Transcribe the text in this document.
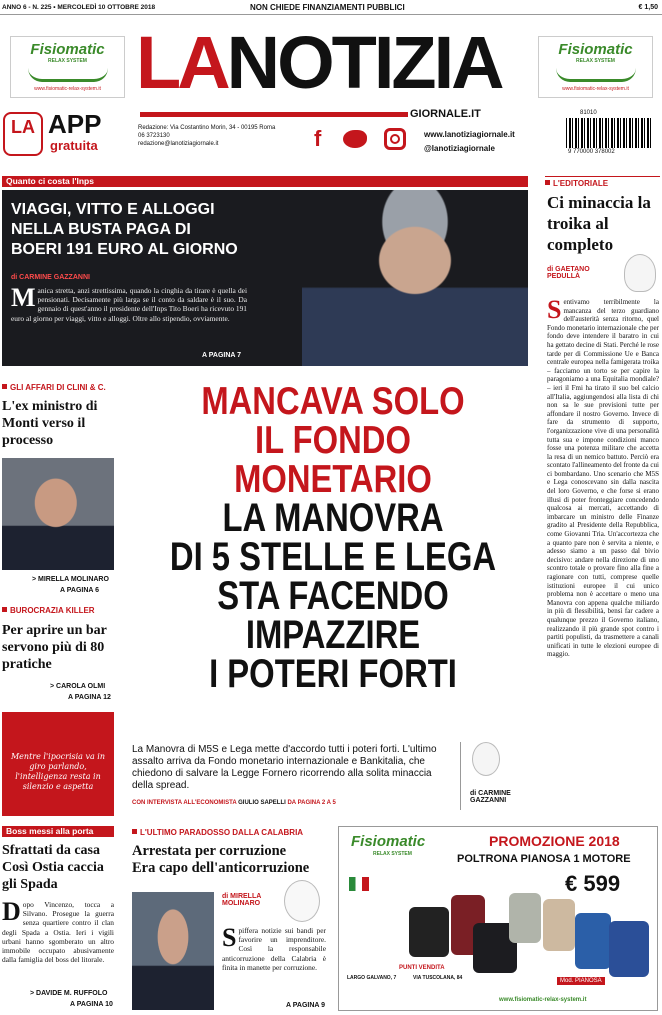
ANNO 6 - N. 225 • MERCOLEDÌ 10 OTTOBRE 2018	NON CHIEDE FINANZIAMENTI PUBBLICI	€ 1,50
Fisiomatic
RELAX SYSTEM
www.fisiomatic-relax-system.it
Fisiomatic
RELAX SYSTEM
www.fisiomatic-relax-system.it
LANOTIZIA
GIORNALE.IT
LA APP
gratuita
Redazione: Via Costantino Morin, 34 - 00195 Roma
06 3723130
redazione@lanotiziagiornale.it	f	www.lanotiziagiornale.it
@lanotiziagiornale
81010
9 770000 378002
Quanto ci costa l'Inps
VIAGGI, VITTO E ALLOGGI NELLA BUSTA PAGA DI BOERI 191 EURO AL GIORNO
di CARMINE GAZZANNI
Manica stretta, anzi strettissima, quando la cinghia da tirare è quella dei pensionati. Decisamente più larga se il conto da saldare è il suo. Da gennaio di quest'anno il presidente dell'Inps Tito Boeri ha ricevuto 191 euro al giorno per viaggi, vitto e alloggi. Oltre allo stipendio, ovviamente.
A PAGINA 7
L'EDITORIALE
Ci minaccia la troika al completo
di GAETANO PEDULLÀ
Sentivamo terribilmente la mancanza del terzo guardiano dell'austerità senza ritorno, quel Fondo monetario internazionale che per fondo deve intendere il baratro in cui ha gettato decine di Stati. Perché le rose tarde per di Commissione Ue e Banca centrale europea nella famigerata troika – facciamo un torto se per capire la paragoniamo a una Equitalia mondiale? – ieri il Fmi ha tirato il suo bel calcio all'Italia, aggiungendosi alla lista di chi non sa le sue previsioni tutte per affondare il nostro Governo. Invece di fare da strumento di supporto, l'organizzazione vive di una personalità tutta sua e impone condizioni manco fosse una potenza militare che accetta la resa di un nemico battuto. Perciò era scontato l'allineamento del fronte da cui ci bombardano. Uno scenario che M5S e Lega conoscevano sin dalla nascita del loro Governo, e che forse si erano illusi di poter fronteggiare concedendo qualcosa ai mercati, accettando di imbarcare un ministro delle Finanze gradito al Presidente della Repubblica, come Giovanni Tria. Un'accortezza che a quanto pare non è servita a niente, e adesso siamo a un passo dal bivio decisivo: andare nella direzione di uno scontro totale o provare fino alla fine a ragionare con tutti, comprese quelle istituzioni europee il cui unico problema non è accettare o meno una Manovra con appena qualche miliardo in più di flessibilità, bensì far cadere a qualunque prezzo il Governo italiano, realizzando il più grande spot contro i partiti populisti, da trasmettere a canali unificati in tutte le elezioni europee di maggio.
GLI AFFARI DI CLINI & C.
L'ex ministro di Monti verso il processo
> MIRELLA MOLINARO
A PAGINA 6
BUROCRAZIA KILLER
Per aprire un bar servono più di 80 pratiche
> CAROLA OLMI
A PAGINA 12
Mentre l'ipocrisia va in giro parlando, l'intelligenza resta in silenzio e aspetta
Boss messi alla porta
Sfrattati da casa Così Ostia caccia gli Spada
Dopo Vincenzo, tocca a Silvano. Prosegue la guerra senza quartiere contro il clan degli Spada a Ostia. Ieri i vigili urbani hanno sgomberato un altro immobile occupato abusivamente dalla famiglia del boss del litorale.
> DAVIDE M. RUFFOLO
A PAGINA 10
MANCAVA SOLO
IL FONDO
MONETARIO
LA MANOVRA
DI 5 STELLE E LEGA
STA FACENDO
IMPAZZIRE
I POTERI FORTI
La Manovra di M5S e Lega mette d'accordo tutti i poteri forti. L'ultimo assalto arriva da Fondo monetario internazionale e Bankitalia, che chiedono di salvare la Legge Fornero ricorrendo alla solita minaccia della spread.
CON INTERVISTA ALL'ECONOMISTA GIULIO SAPELLI DA PAGINA 2 A 5
di CARMINE GAZZANNI
L'ULTIMO PARADOSSO DALLA CALABRIA
Arrestata per corruzione
Era capo dell'anticorruzione
di MIRELLA MOLINARO
Spiffera notizie sui bandi per favorire un imprenditore. Così la responsabile anticorruzione della Calabria è finita in manette per corruzione.
A PAGINA 9
Fisiomatic
RELAX SYSTEM
PROMOZIONE 2018
POLTRONA PIANOSA 1 MOTORE
€ 599
Mod. PIANOSA
PUNTI VENDITA
LARGO GALVANO, 7	VIA TUSCOLANA, 84
www.fisiomatic-relax-system.it
